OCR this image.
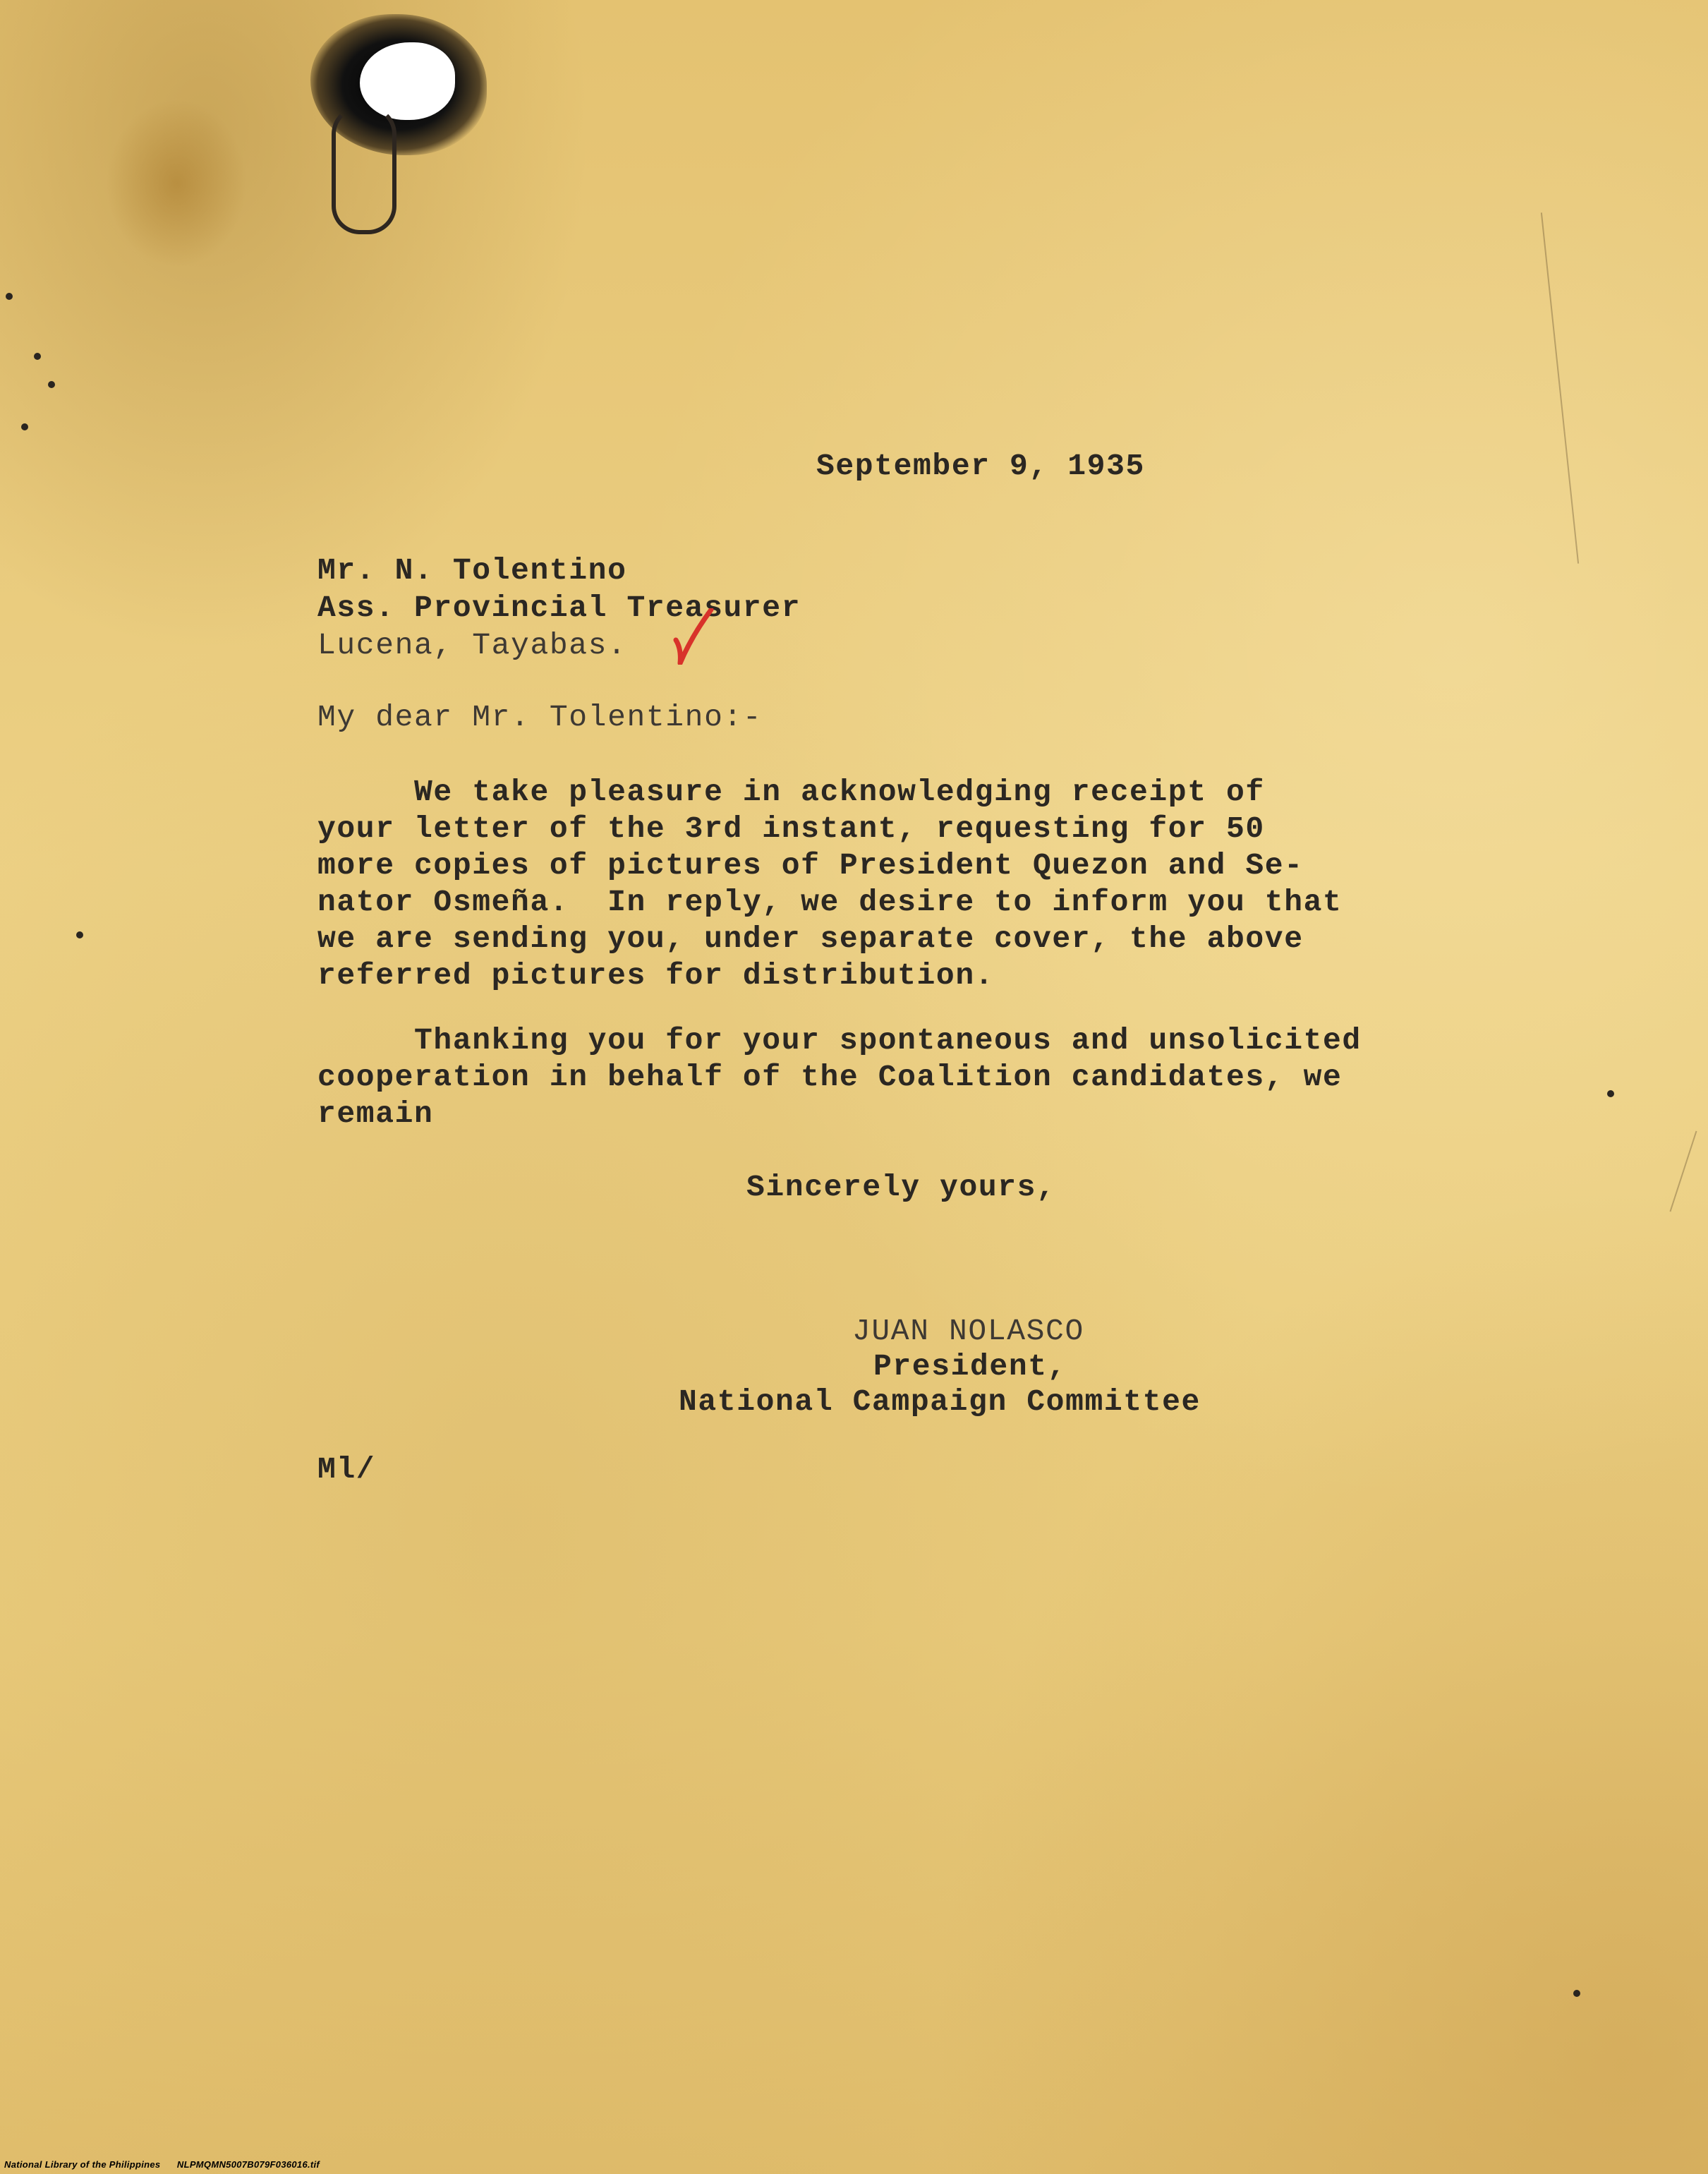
September 9, 1935
Mr. N. Tolentino
Ass. Provincial Treasurer
Lucena, Tayabas.
My dear Mr. Tolentino:-
We take pleasure in acknowledging receipt of
your letter of the 3rd instant, requesting for 50
more copies of pictures of President Quezon and Se-
nator Osmeña.  In reply, we desire to inform you that
we are sending you, under separate cover, the above
referred pictures for distribution.
Thanking you for your spontaneous and unsolicited
cooperation in behalf of the Coalition candidates, we
remain
Sincerely yours,
JUAN NOLASCO
President,
National Campaign Committee
Ml/
National Library of the Philippines NLPMQMN5007B079F036016.tif
